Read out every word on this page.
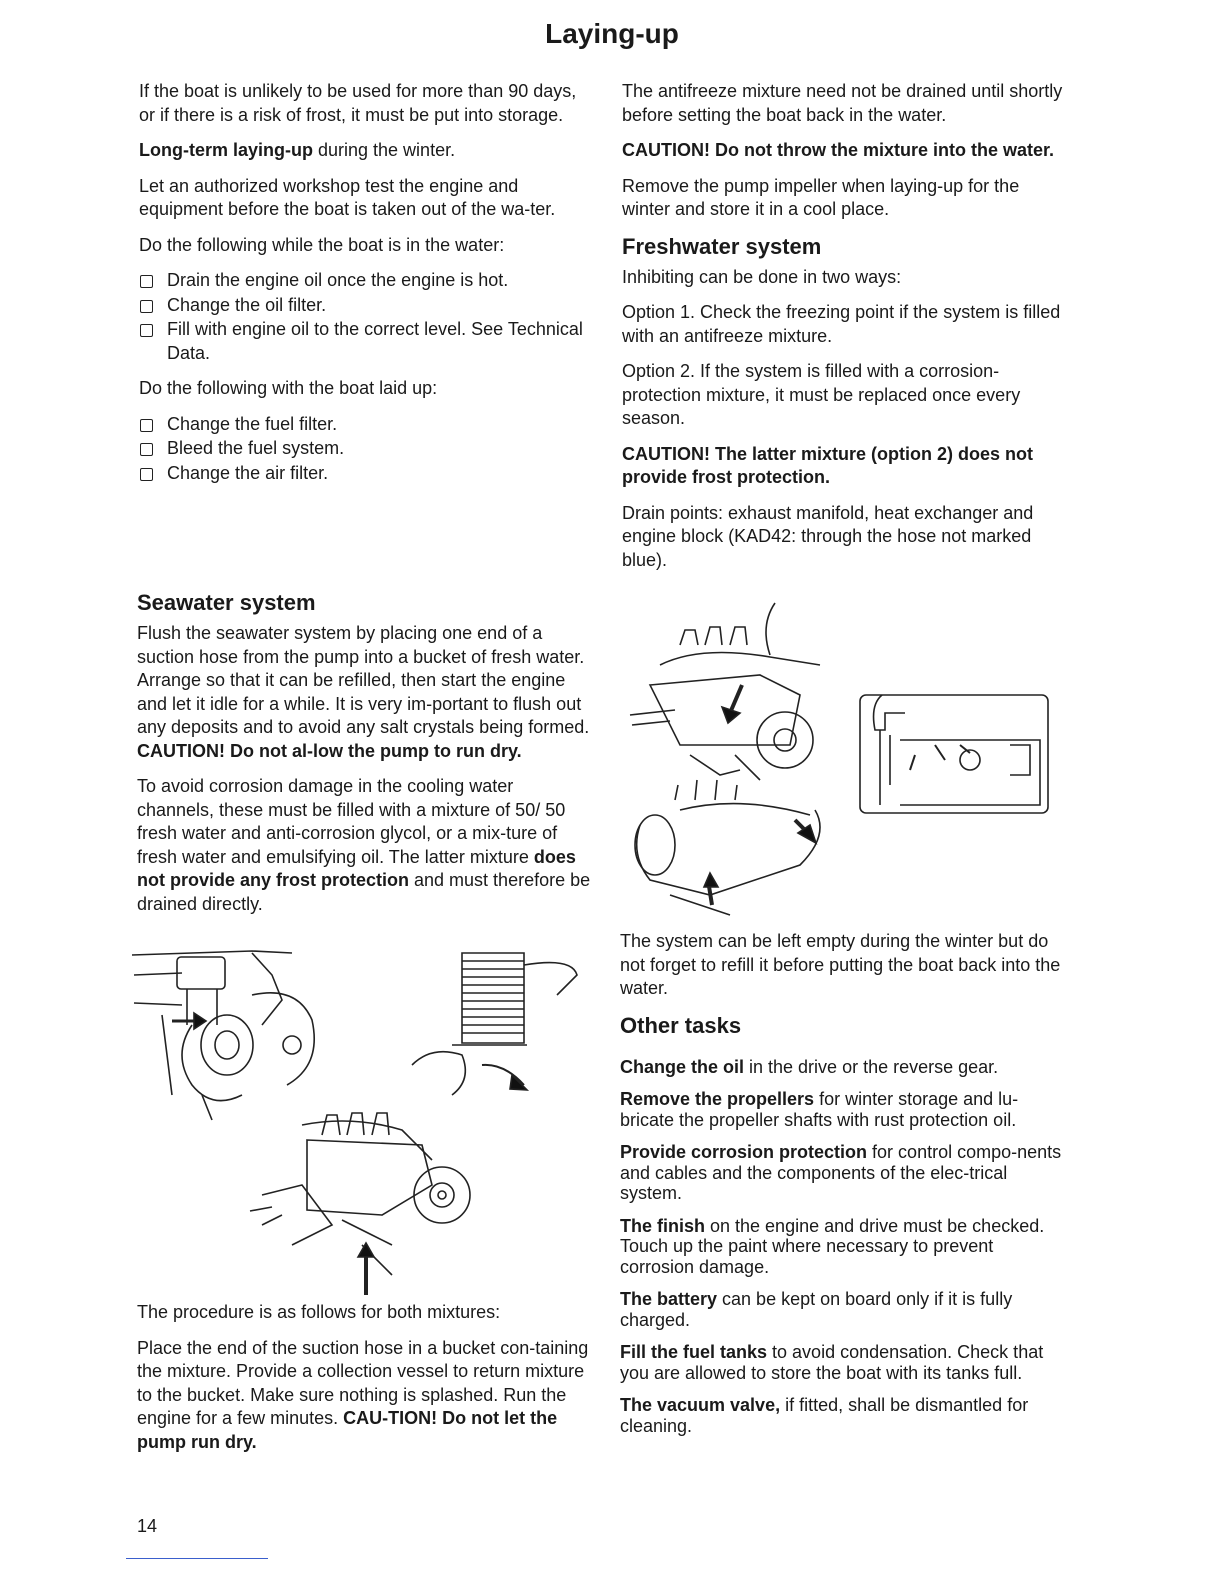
Laying-up

If the boat is unlikely to be used for more than 90 days, or if there is a risk of frost, it must be put into storage.

Long-term laying-up during the winter.

Let an authorized workshop test the engine and equipment before the boat is taken out of the wa-ter.

Do the following while the boat is in the water:

Drain the engine oil once the engine is hot.
Change the oil filter.
Fill with engine oil to the correct level. See Technical Data.

Do the following with the boat laid up:

Change the fuel filter.
Bleed the fuel system.
Change the air filter.
Seawater system

Flush the seawater system by placing one end of a suction hose from the pump into a bucket of fresh water. Arrange so that it can be refilled, then start the engine and let it idle for a while. It is very im-portant to flush out any deposits and to avoid any salt crystals being formed. CAUTION! Do not al-low the pump to run dry.

To avoid corrosion damage in the cooling water channels, these must be filled with a mixture of 50/ 50 fresh water and anti-corrosion glycol, or a mix-ture of fresh water and emulsifying oil. The latter mixture does not provide any frost protection and must therefore be drained directly.

The procedure is as follows for both mixtures:

Place the end of the suction hose in a bucket con-taining the mixture. Provide a collection vessel to return mixture to the bucket. Make sure nothing is splashed. Run the engine for a few minutes. CAU-TION! Do not let the pump run dry.

The antifreeze mixture need not be drained until shortly before setting the boat back in the water.

CAUTION! Do not throw the mixture into the water.

Remove the pump impeller when laying-up for the winter and store it in a cool place.

Freshwater system

Inhibiting can be done in two ways:

Option 1. Check the freezing point if the system is filled with an antifreeze mixture.

Option 2. If the system is filled with a corrosion-protection mixture, it must be replaced once every season.

CAUTION! The latter mixture (option 2) does not provide frost protection.

Drain points: exhaust manifold, heat exchanger and engine block (KAD42: through the hose not marked blue).

The system can be left empty during the winter but do not forget to refill it before putting the boat back into the water.

Other tasks

Change the oil in the drive or the reverse gear.

Remove the propellers for winter storage and lu-bricate the propeller shafts with rust protection oil.

Provide corrosion protection for control compo-nents and cables and the components of the elec-trical system.

The finish on the engine and drive must be checked. Touch up the paint where necessary to prevent corrosion damage.

The battery can be kept on board only if it is fully charged.

Fill the fuel tanks to avoid condensation. Check that you are allowed to store the boat with its tanks full.

The vacuum valve, if fitted, shall be dismantled for cleaning.

14
